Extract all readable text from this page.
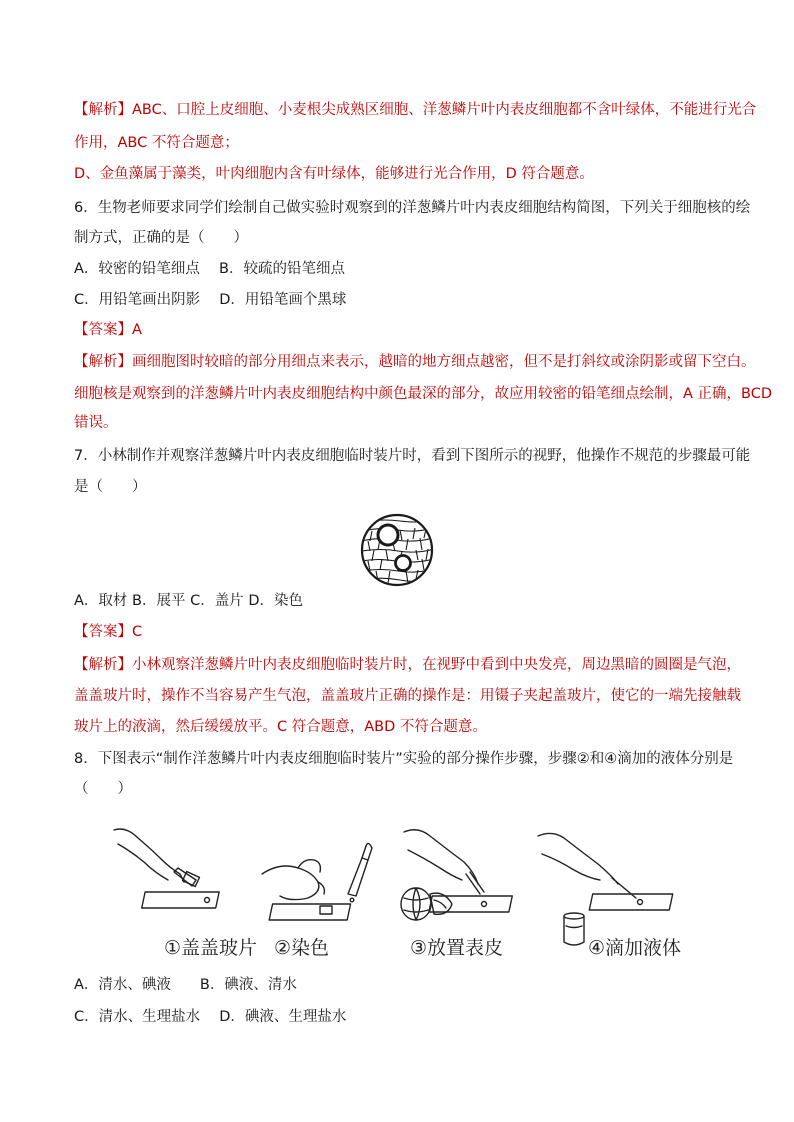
【解析】ABC、口腔上皮细胞、小麦根尖成熟区细胞、洋葱鳞片叶内表皮细胞都不含叶绿体，不能进行光合
作用，ABC 不符合题意；
D、金鱼藻属于藻类，叶肉细胞内含有叶绿体，能够进行光合作用，D 符合题意。
6．生物老师要求同学们绘制自己做实验时观察到的洋葱鳞片叶内表皮细胞结构简图，下列关于细胞核的绘
制方式，正确的是（　　）
A．较密的铅笔细点　 B．较疏的铅笔细点
C．用铅笔画出阴影　 D．用铅笔画个黑球
【答案】A
【解析】画细胞图时较暗的部分用细点来表示，越暗的地方细点越密，但不是打斜纹或涂阴影或留下空白。
细胞核是观察到的洋葱鳞片叶内表皮细胞结构中颜色最深的部分，故应用较密的铅笔细点绘制，A 正确，BCD
错误。
7．小林制作并观察洋葱鳞片叶内表皮细胞临时装片时，看到下图所示的视野，他操作不规范的步骤最可能
是（　　）
A．取材 B．展平 C．盖片 D．染色
【答案】C
【解析】小林观察洋葱鳞片叶内表皮细胞临时装片时，在视野中看到中央发亮，周边黑暗的圆圈是气泡，
盖盖玻片时，操作不当容易产生气泡，盖盖玻片正确的操作是：用镊子夹起盖玻片，使它的一端先接触载
玻片上的液滴，然后缓缓放平。C 符合题意，ABD 不符合题意。
8．下图表示“制作洋葱鳞片叶内表皮细胞临时装片”实验的部分操作步骤，步骤②和④滴加的液体分别是
（　　）
①盖盖玻片 ②染色	③放置表皮	④滴加液体
A．清水、碘液　　B．碘液、清水
C．清水、生理盐水　 D．碘液、生理盐水
